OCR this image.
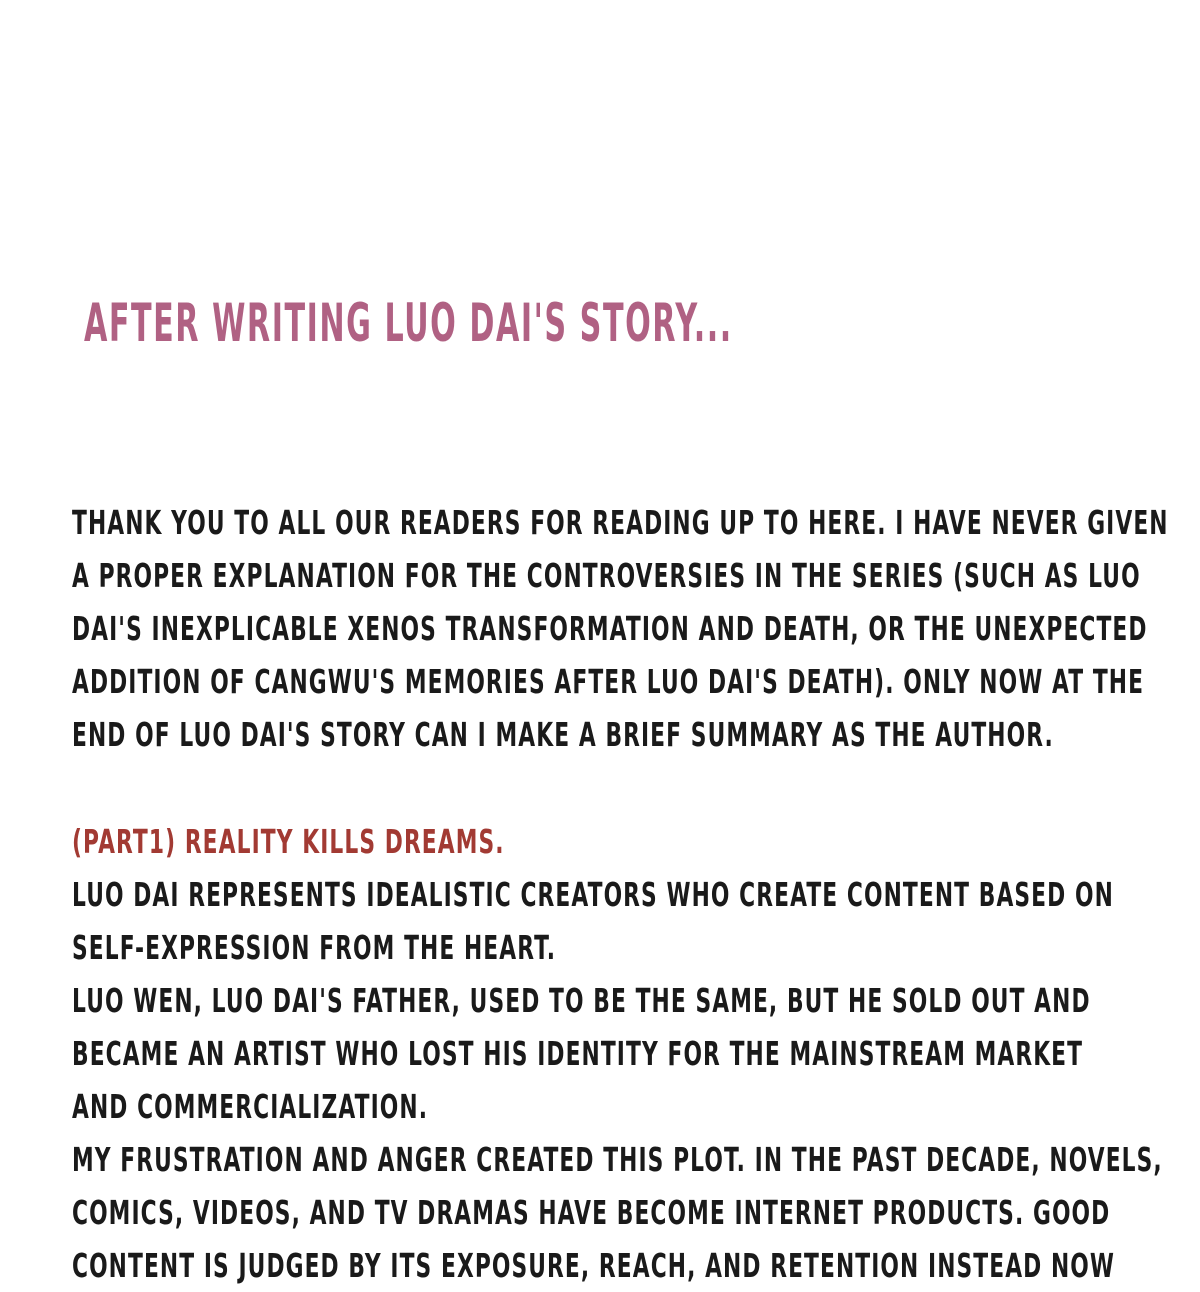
AFTER WRITING LUO DAI'S STORY...
THANK YOU TO ALL OUR READERS FOR READING UP TO HERE. I HAVE NEVER GIVEN
A PROPER EXPLANATION FOR THE CONTROVERSIES IN THE SERIES (SUCH AS LUO
DAI'S INEXPLICABLE XENOS TRANSFORMATION AND DEATH, OR THE UNEXPECTED
ADDITION OF CANGWU'S MEMORIES AFTER LUO DAI'S DEATH). ONLY NOW AT THE
END OF LUO DAI'S STORY CAN I MAKE A BRIEF SUMMARY AS THE AUTHOR.
(PART1) REALITY KILLS DREAMS.
LUO DAI REPRESENTS IDEALISTIC CREATORS WHO CREATE CONTENT BASED ON
SELF-EXPRESSION FROM THE HEART.
LUO WEN, LUO DAI'S FATHER, USED TO BE THE SAME, BUT HE SOLD OUT AND
BECAME AN ARTIST WHO LOST HIS IDENTITY FOR THE MAINSTREAM MARKET
AND COMMERCIALIZATION.
MY FRUSTRATION AND ANGER CREATED THIS PLOT. IN THE PAST DECADE, NOVELS,
COMICS, VIDEOS, AND TV DRAMAS HAVE BECOME INTERNET PRODUCTS. GOOD
CONTENT IS JUDGED BY ITS EXPOSURE, REACH, AND RETENTION INSTEAD NOW
